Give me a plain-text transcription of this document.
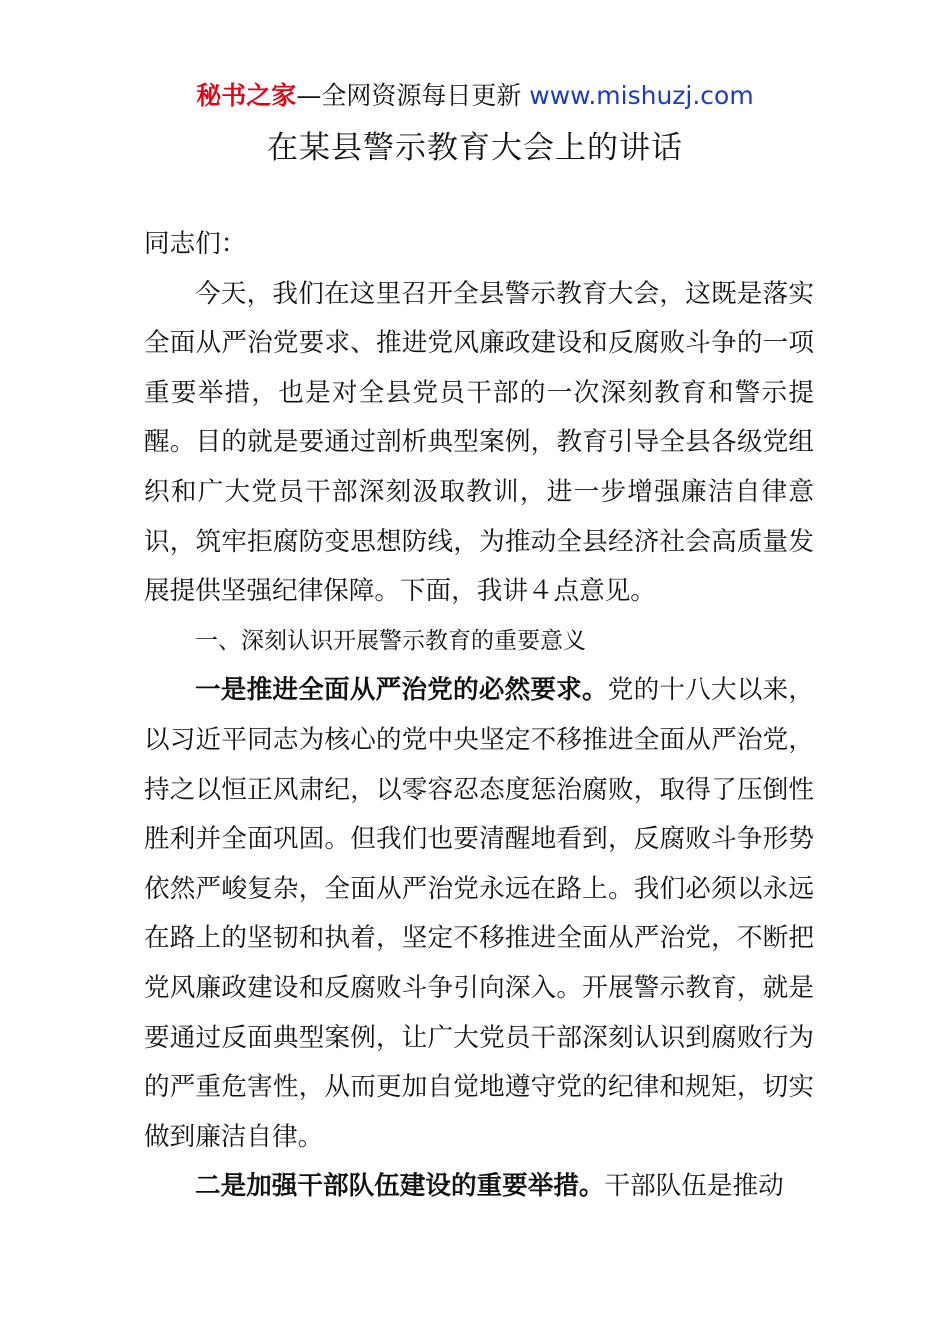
秘书之家—全网资源每日更新 www.mishuzj.com
在某县警示教育大会上的讲话

同志们：

今天，我们在这里召开全县警示教育大会，这既是落实全面从严治党要求、推进党风廉政建设和反腐败斗争的一项重要举措，也是对全县党员干部的一次深刻教育和警示提醒。目的就是要通过剖析典型案例，教育引导全县各级党组织和广大党员干部深刻汲取教训，进一步增强廉洁自律意识，筑牢拒腐防变思想防线，为推动全县经济社会高质量发展提供坚强纪律保障。下面，我讲４点意见。

一、深刻认识开展警示教育的重要意义

一是推进全面从严治党的必然要求。党的十八大以来，以习近平同志为核心的党中央坚定不移推进全面从严治党，持之以恒正风肃纪，以零容忍态度惩治腐败，取得了压倒性胜利并全面巩固。但我们也要清醒地看到，反腐败斗争形势依然严峻复杂，全面从严治党永远在路上。我们必须以永远在路上的坚韧和执着，坚定不移推进全面从严治党，不断把党风廉政建设和反腐败斗争引向深入。开展警示教育，就是要通过反面典型案例，让广大党员干部深刻认识到腐败行为的严重危害性，从而更加自觉地遵守党的纪律和规矩，切实做到廉洁自律。

二是加强干部队伍建设的重要举措。干部队伍是推动
